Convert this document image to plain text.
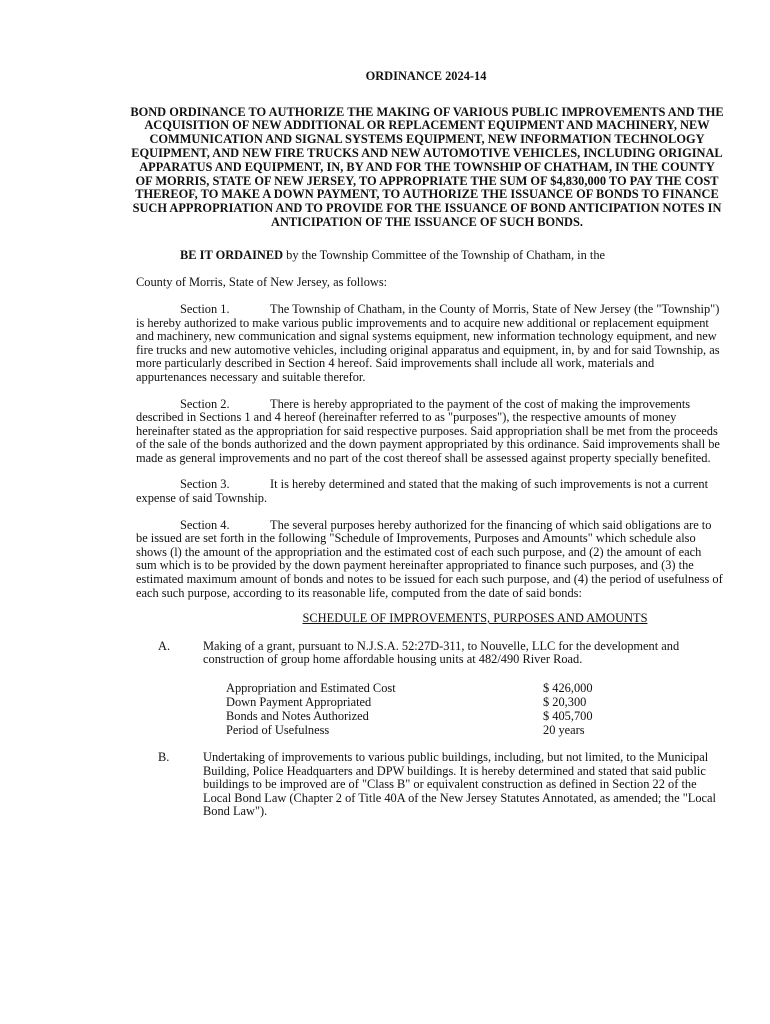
ORDINANCE 2024-14

BOND ORDINANCE TO AUTHORIZE THE MAKING OF VARIOUS PUBLIC IMPROVEMENTS AND THE ACQUISITION OF NEW ADDITIONAL OR REPLACEMENT EQUIPMENT AND MACHINERY, NEW COMMUNICATION AND SIGNAL SYSTEMS EQUIPMENT, NEW INFORMATION TECHNOLOGY EQUIPMENT, AND NEW FIRE TRUCKS AND NEW AUTOMOTIVE VEHICLES, INCLUDING ORIGINAL APPARATUS AND EQUIPMENT, IN, BY AND FOR THE TOWNSHIP OF CHATHAM, IN THE COUNTY OF MORRIS, STATE OF NEW JERSEY, TO APPROPRIATE THE SUM OF $4,830,000 TO PAY THE COST THEREOF, TO MAKE A DOWN PAYMENT, TO AUTHORIZE THE ISSUANCE OF BONDS TO FINANCE SUCH APPROPRIATION AND TO PROVIDE FOR THE ISSUANCE OF BOND ANTICIPATION NOTES IN ANTICIPATION OF THE ISSUANCE OF SUCH BONDS.

BE IT ORDAINED by the Township Committee of the Township of Chatham, in the

County of Morris, State of New Jersey, as follows:

Section 1.	The Township of Chatham, in the County of Morris, State of New Jersey (the "Township") is hereby authorized to make various public improvements and to acquire new additional or replacement equipment and machinery, new communication and signal systems equipment, new information technology equipment, and new fire trucks and new automotive vehicles, including original apparatus and equipment, in, by and for said Township, as more particularly described in Section 4 hereof. Said improvements shall include all work, materials and appurtenances necessary and suitable therefor.

Section 2.	There is hereby appropriated to the payment of the cost of making the improvements described in Sections 1 and 4 hereof (hereinafter referred to as "purposes"), the respective amounts of money hereinafter stated as the appropriation for said respective purposes. Said appropriation shall be met from the proceeds of the sale of the bonds authorized and the down payment appropriated by this ordinance. Said improvements shall be made as general improvements and no part of the cost thereof shall be assessed against property specially benefited.

Section 3.	It is hereby determined and stated that the making of such improvements is not a current expense of said Township.

Section 4.	The several purposes hereby authorized for the financing of which said obligations are to be issued are set forth in the following "Schedule of Improvements, Purposes and Amounts" which schedule also shows (l) the amount of the appropriation and the estimated cost of each such purpose, and (2) the amount of each sum which is to be provided by the down payment hereinafter appropriated to finance such purposes, and (3) the estimated maximum amount of bonds and notes to be issued for each such purpose, and (4) the period of usefulness of each such purpose, according to its reasonable life, computed from the date of said bonds:

SCHEDULE OF IMPROVEMENTS, PURPOSES AND AMOUNTS

A.	Making of a grant, pursuant to N.J.S.A. 52:27D-311, to Nouvelle, LLC for the development and construction of group home affordable housing units at 482/490 River Road.
Appropriation and Estimated Cost	$ 426,000
Down Payment Appropriated	$ 20,300
Bonds and Notes Authorized	$ 405,700
Period of Usefulness	20 years
B.	Undertaking of improvements to various public buildings, including, but not limited, to the Municipal Building, Police Headquarters and DPW buildings. It is hereby determined and stated that said public buildings to be improved are of "Class B" or equivalent construction as defined in Section 22 of the Local Bond Law (Chapter 2 of Title 40A of the New Jersey Statutes Annotated, as amended; the "Local Bond Law").
